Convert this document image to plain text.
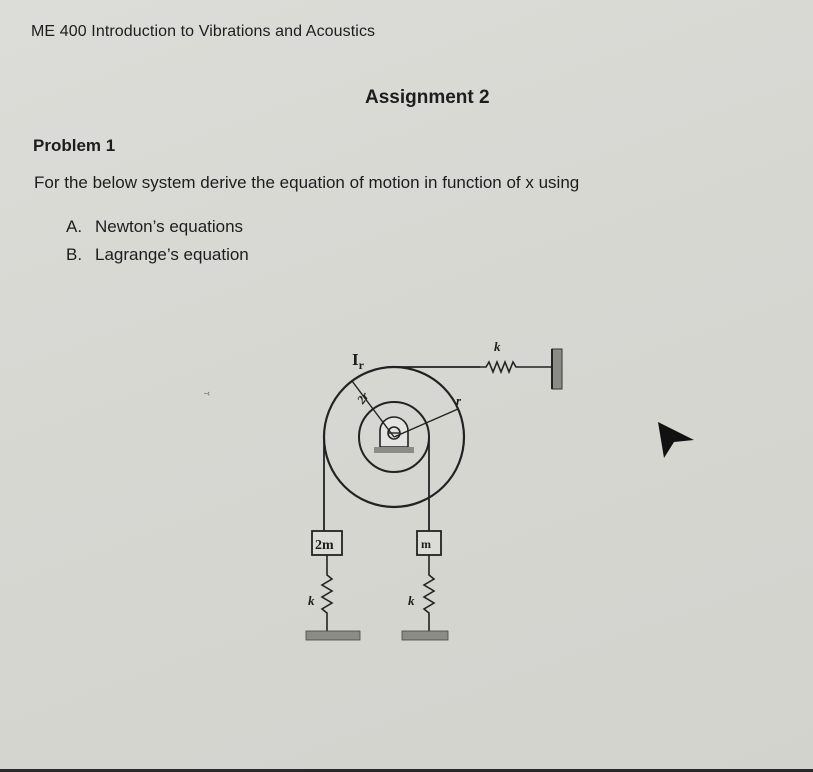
ME 400 Introduction to Vibrations and Acoustics
Assignment 2
Problem 1
For the below system derive the equation of motion in function of x using
A. Newton’s equations
B. Lagrange’s equation
-‹
$I_r$
2r	r
k
2m	m
k	k
